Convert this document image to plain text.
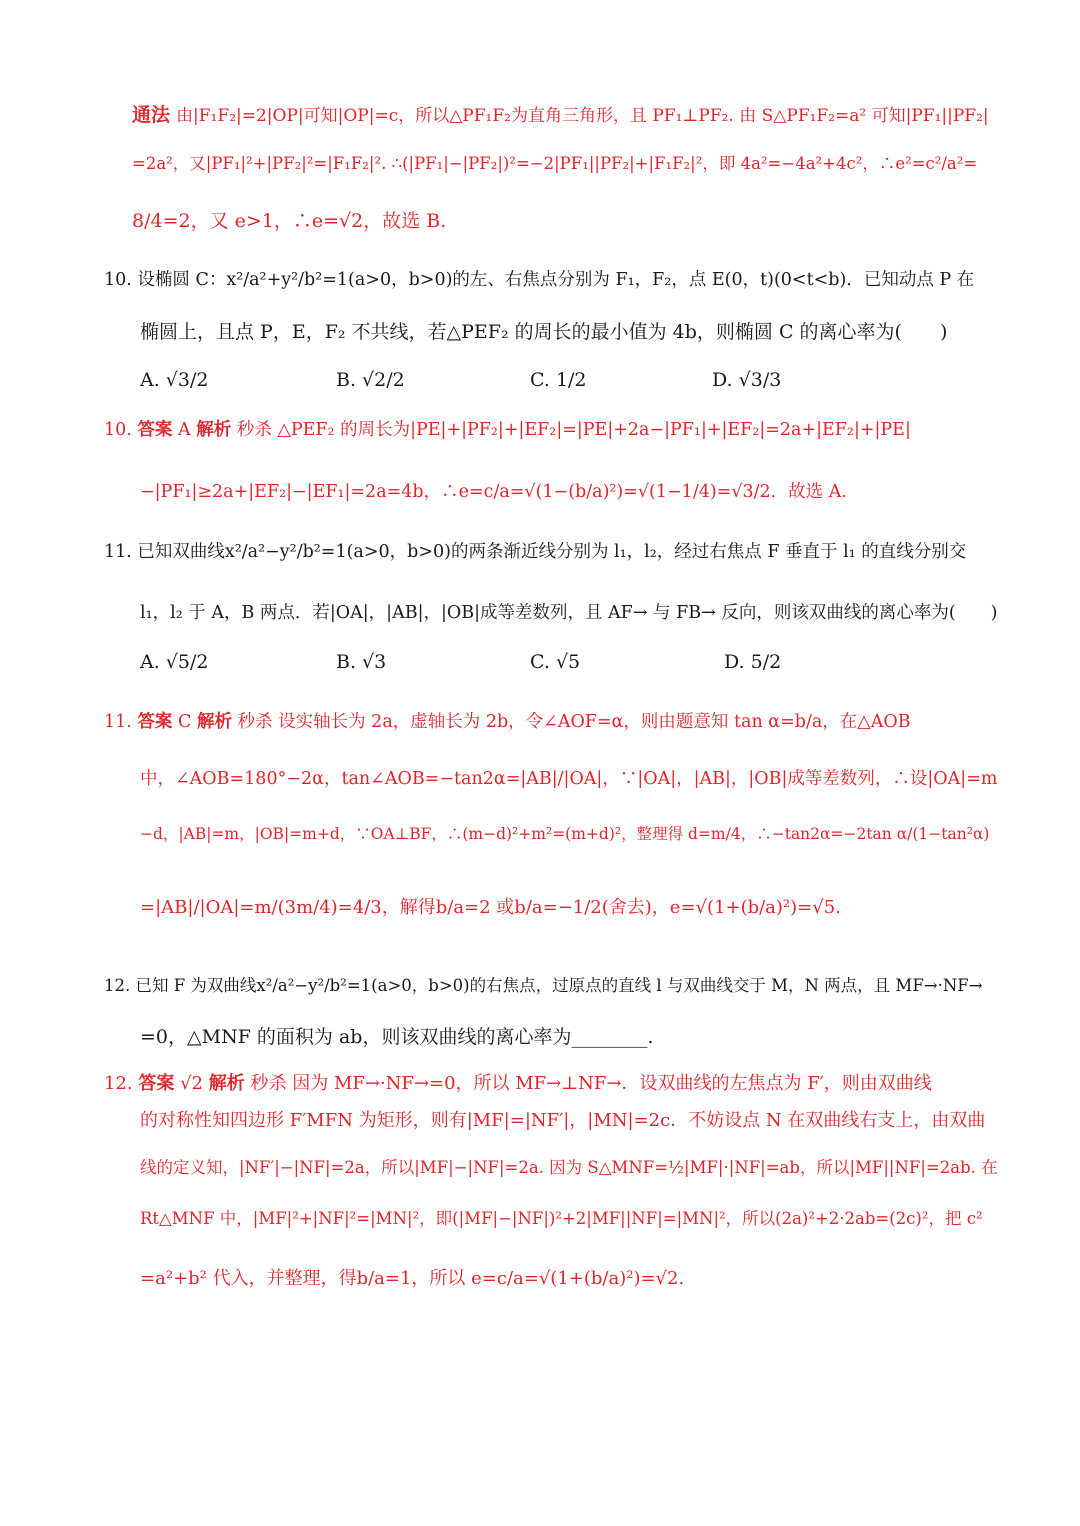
通法 由|F₁F₂|=2|OP|可知|OP|=c，所以△PF₁F₂为直角三角形，且 PF₁⊥PF₂. 由 S△PF₁F₂=a² 可知|PF₁||PF₂|
=2a²，又|PF₁|²+|PF₂|²=|F₁F₂|². ∴(|PF₁|−|PF₂|)²=−2|PF₁||PF₂|+|F₁F₂|²，即 4a²=−4a²+4c²，∴e²=c²/a²=
8/4=2，又 e>1，∴e=√2，故选 B.
10. 设椭圆 C：x²/a²+y²/b²=1(a>0，b>0)的左、右焦点分别为 F₁，F₂，点 E(0，t)(0<t<b)．已知动点 P 在
椭圆上，且点 P，E，F₂ 不共线，若△PEF₂ 的周长的最小值为 4b，则椭圆 C 的离心率为(　　)
A. √3/2	B. √2/2	C. 1/2	D. √3/3
10. 答案 A 解析 秒杀 △PEF₂ 的周长为|PE|+|PF₂|+|EF₂|=|PE|+2a−|PF₁|+|EF₂|=2a+|EF₂|+|PE|
−|PF₁|≥2a+|EF₂|−|EF₁|=2a=4b，∴e=c/a=√(1−(b/a)²)=√(1−1/4)=√3/2．故选 A.
11. 已知双曲线x²/a²−y²/b²=1(a>0，b>0)的两条渐近线分别为 l₁，l₂，经过右焦点 F 垂直于 l₁ 的直线分别交
l₁，l₂ 于 A，B 两点．若|OA|，|AB|，|OB|成等差数列，且 AF→ 与 FB→ 反向，则该双曲线的离心率为(　　)
A. √5/2	B. √3	C. √5	D. 5/2
11. 答案 C 解析 秒杀 设实轴长为 2a，虚轴长为 2b，令∠AOF=α，则由题意知 tan α=b/a，在△AOB
中，∠AOB=180°−2α，tan∠AOB=−tan2α=|AB|/|OA|，∵|OA|，|AB|，|OB|成等差数列，∴设|OA|=m
−d，|AB|=m，|OB|=m+d，∵OA⊥BF，∴(m−d)²+m²=(m+d)²，整理得 d=m/4，∴−tan2α=−2tan α/(1−tan²α)
=|AB|/|OA|=m/(3m/4)=4/3，解得b/a=2 或b/a=−1/2(舍去)，e=√(1+(b/a)²)=√5.
12. 已知 F 为双曲线x²/a²−y²/b²=1(a>0，b>0)的右焦点，过原点的直线 l 与双曲线交于 M，N 两点，且 MF→·NF→
=0，△MNF 的面积为 ab，则该双曲线的离心率为________.
12. 答案 √2 解析 秒杀 因为 MF→·NF→=0，所以 MF→⊥NF→．设双曲线的左焦点为 F′，则由双曲线
的对称性知四边形 F′MFN 为矩形，则有|MF|=|NF′|，|MN|=2c．不妨设点 N 在双曲线右支上，由双曲
线的定义知，|NF′|−|NF|=2a，所以|MF|−|NF|=2a. 因为 S△MNF=½|MF|·|NF|=ab，所以|MF||NF|=2ab. 在
Rt△MNF 中，|MF|²+|NF|²=|MN|²，即(|MF|−|NF|)²+2|MF||NF|=|MN|²，所以(2a)²+2·2ab=(2c)²，把 c²
=a²+b² 代入，并整理，得b/a=1，所以 e=c/a=√(1+(b/a)²)=√2.
